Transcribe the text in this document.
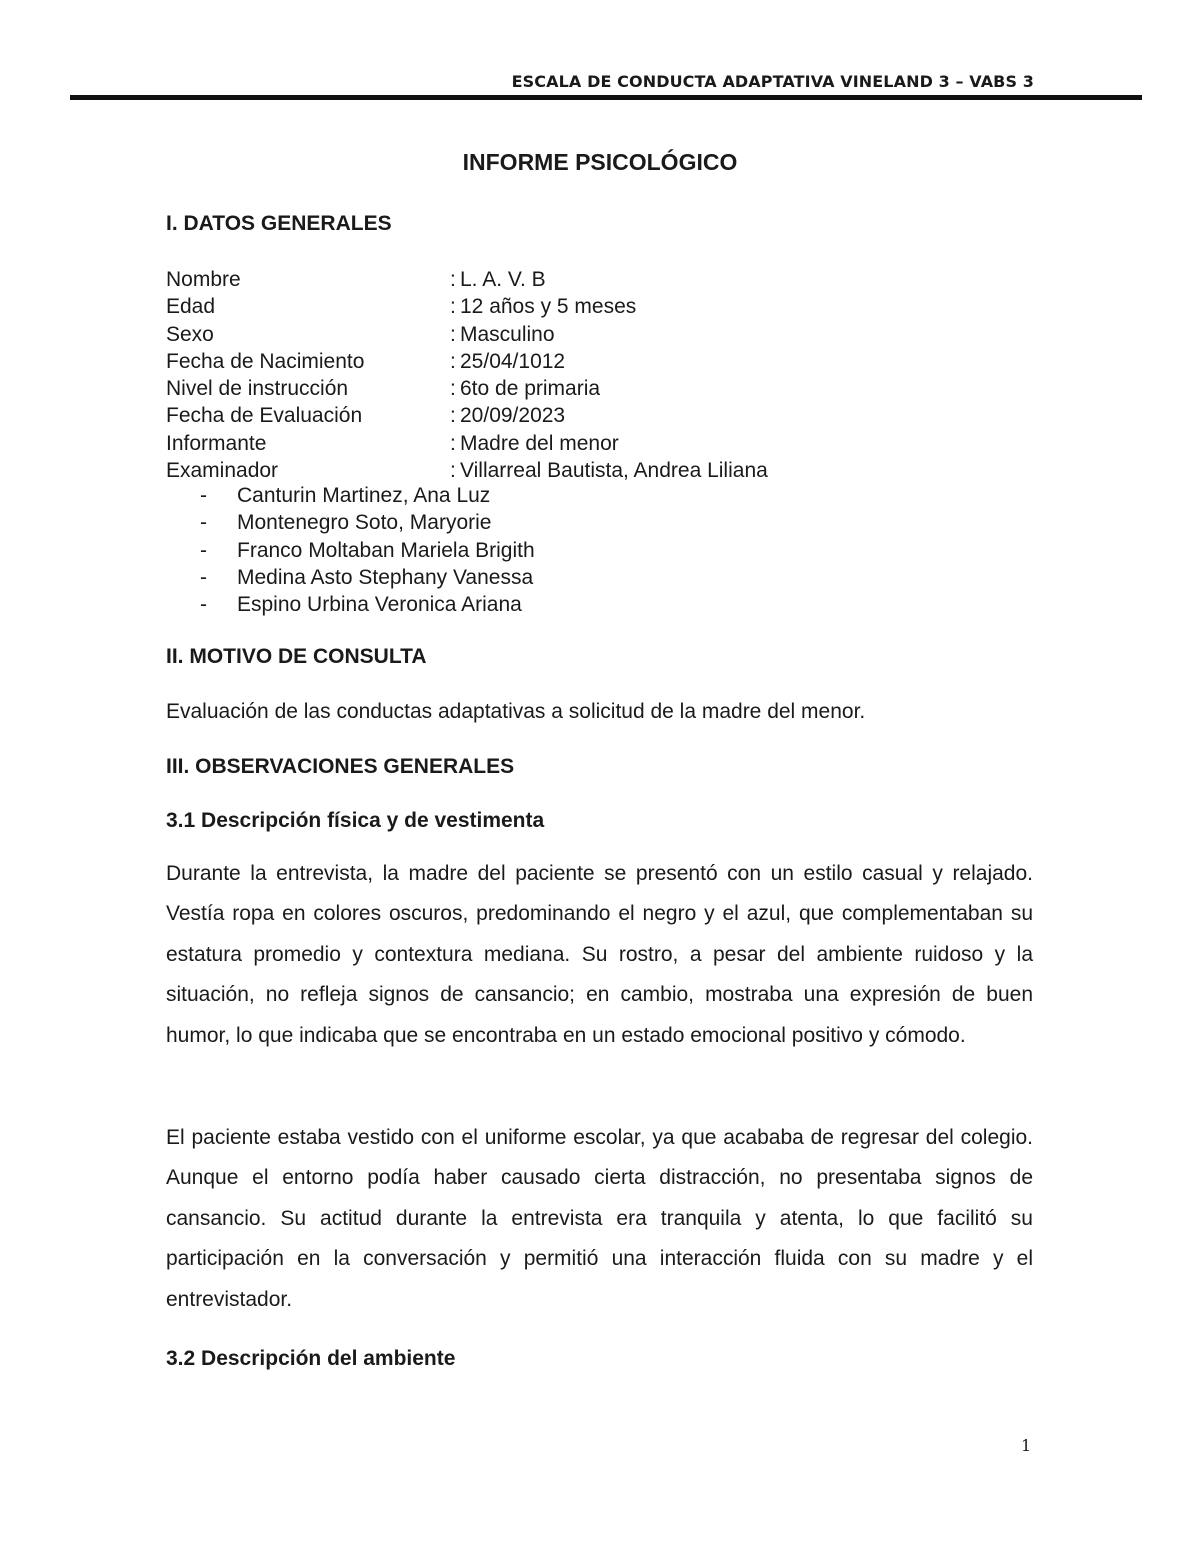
ESCALA DE CONDUCTA ADAPTATIVA VINELAND 3 – VABS 3
INFORME PSICOLÓGICO
I. DATOS GENERALES
Nombre	: L. A. V. B
Edad	: 12 años y 5 meses
Sexo	: Masculino
Fecha de Nacimiento	: 25/04/1012
Nivel de instrucción	: 6to de primaria
Fecha de Evaluación	: 20/09/2023
Informante	: Madre del menor
Examinador	: Villarreal Bautista, Andrea Liliana
- Canturin Martinez, Ana Luz
- Montenegro Soto, Maryorie
- Franco Moltaban Mariela Brigith
- Medina Asto Stephany Vanessa
- Espino Urbina Veronica Ariana
II. MOTIVO DE CONSULTA
Evaluación de las conductas adaptativas a solicitud de la madre del menor.
III. OBSERVACIONES GENERALES
3.1 Descripción física y de vestimenta

Durante la entrevista, la madre del paciente se presentó con un estilo casual y relajado. Vestía ropa en colores oscuros, predominando el negro y el azul, que complementaban su estatura promedio y contextura mediana. Su rostro, a pesar del ambiente ruidoso y la situación, no refleja signos de cansancio; en cambio, mostraba una expresión de buen humor, lo que indicaba que se encontraba en un estado emocional positivo y cómodo.

El paciente estaba vestido con el uniforme escolar, ya que acababa de regresar del colegio. Aunque el entorno podía haber causado cierta distracción, no presentaba signos de cansancio. Su actitud durante la entrevista era tranquila y atenta, lo que facilitó su participación en la conversación y permitió una interacción fluida con su madre y el entrevistador.

3.2 Descripción del ambiente
1
